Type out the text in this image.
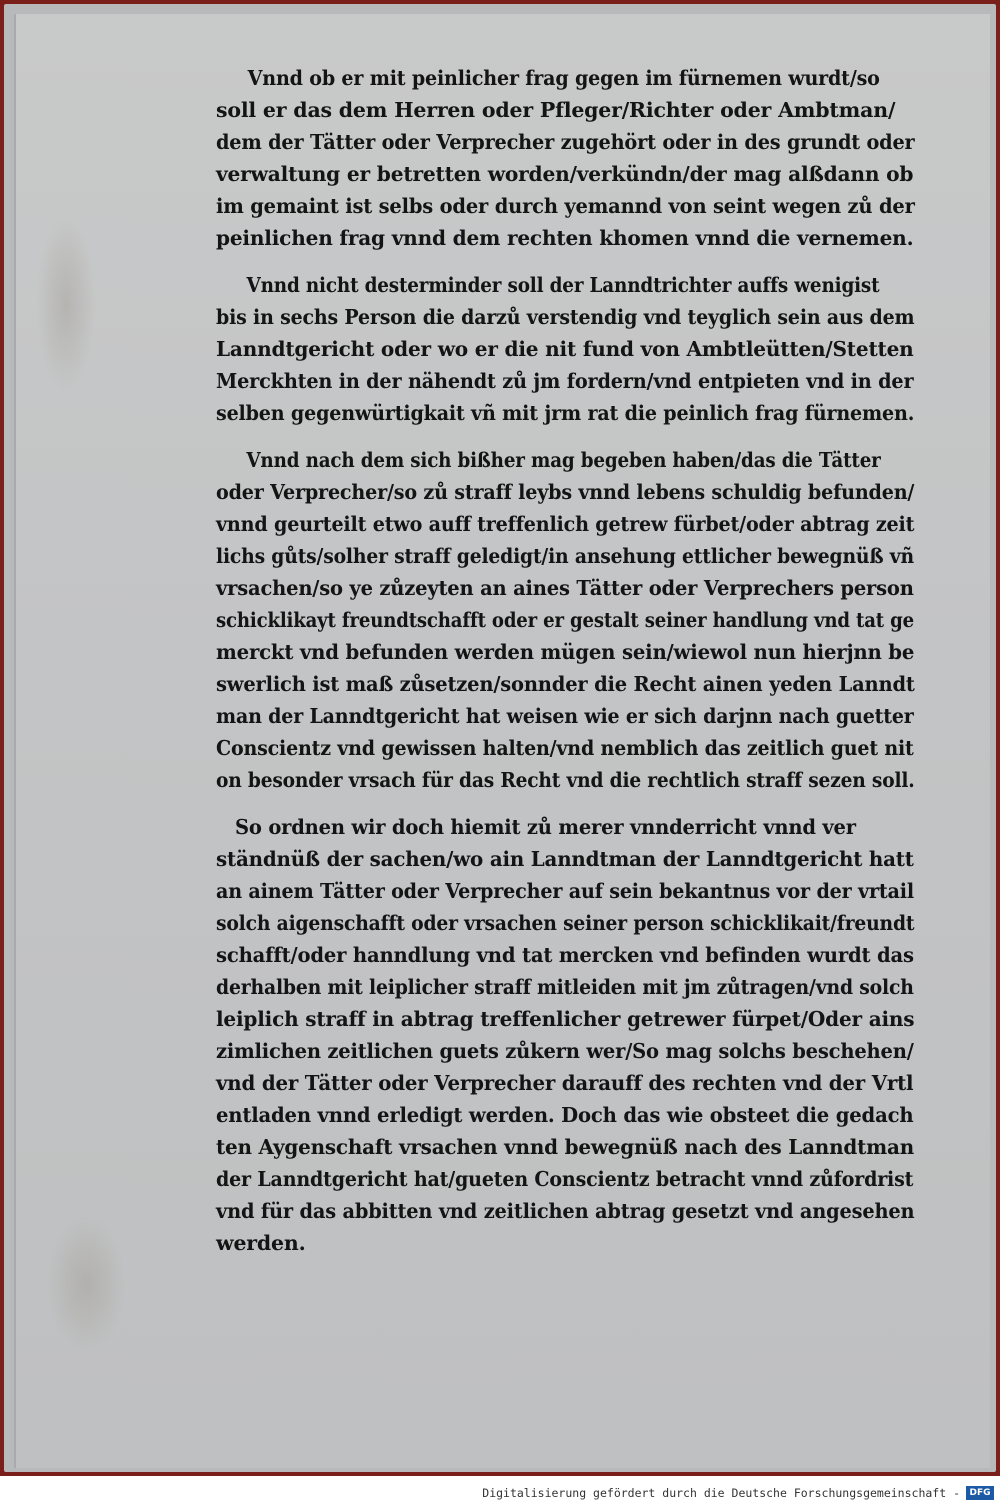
Vnnd ob er mit peinlicher frag gegen im fürnemen wurdt/so
soll er das dem Herren oder Pfleger/Richter oder Ambtman/
dem der Tätter oder Verprecher zugehört oder in des grundt oder
verwaltung er betretten worden/verkündn/der mag alßdann ob
im gemaint ist selbs oder durch yemannd von seint wegen zů der
peinlichen frag vnnd dem rechten khomen vnnd die vernemen.
Vnnd nicht desterminder soll der Lanndtrichter auffs wenigist
bis in sechs Person die darzů verstendig vnd teyglich sein aus dem
Lanndtgericht oder wo er die nit fund von Ambtleütten/Stetten
Merckhten in der nähendt zů jm fordern/vnd entpieten vnd in der
selben gegenwürtigkait vñ mit jrm rat die peinlich frag fürnemen.
Vnnd nach dem sich bißher mag begeben haben/das die Tätter
oder Verprecher/so zů straff leybs vnnd lebens schuldig befunden/
vnnd geurteilt etwo auff treffenlich getrew fürbet/oder abtrag zeit
lichs gůts/solher straff geledigt/in ansehung ettlicher bewegnüß vñ
vrsachen/so ye zůzeyten an aines Tätter oder Verprechers person
schicklikayt freundtschafft oder er gestalt seiner handlung vnd tat ge
merckt vnd befunden werden mügen sein/wiewol nun hierjnn be
swerlich ist maß zůsetzen/sonnder die Recht ainen yeden Lanndt
man der Lanndtgericht hat weisen wie er sich darjnn nach guetter
Conscientz vnd gewissen halten/vnd nemblich das zeitlich guet nit
on besonder vrsach für das Recht vnd die rechtlich straff sezen soll.
So ordnen wir doch hiemit zů merer vnnderricht vnnd ver
ständnüß der sachen/wo ain Lanndtman der Lanndtgericht hatt
an ainem Tätter oder Verprecher auf sein bekantnus vor der vrtail
solch aigenschafft oder vrsachen seiner person schicklikait/freundt
schafft/oder hanndlung vnd tat mercken vnd befinden wurdt das
derhalben mit leiplicher straff mitleiden mit jm zůtragen/vnd solch
leiplich straff in abtrag treffenlicher getrewer fürpet/Oder ains
zimlichen zeitlichen guets zůkern wer/So mag solchs beschehen/
vnd der Tätter oder Verprecher darauff des rechten vnd der Vrtl
entladen vnnd erledigt werden. Doch das wie obsteet die gedach
ten Aygenschaft vrsachen vnnd bewegnüß nach des Lanndtman
der Lanndtgericht hat/gueten Conscientz betracht vnnd zůfordrist
vnd für das abbitten vnd zeitlichen abtrag gesetzt vnd angesehen
werden.
Digitalisierung gefördert durch die Deutsche Forschungsgemeinschaft -	DFG
